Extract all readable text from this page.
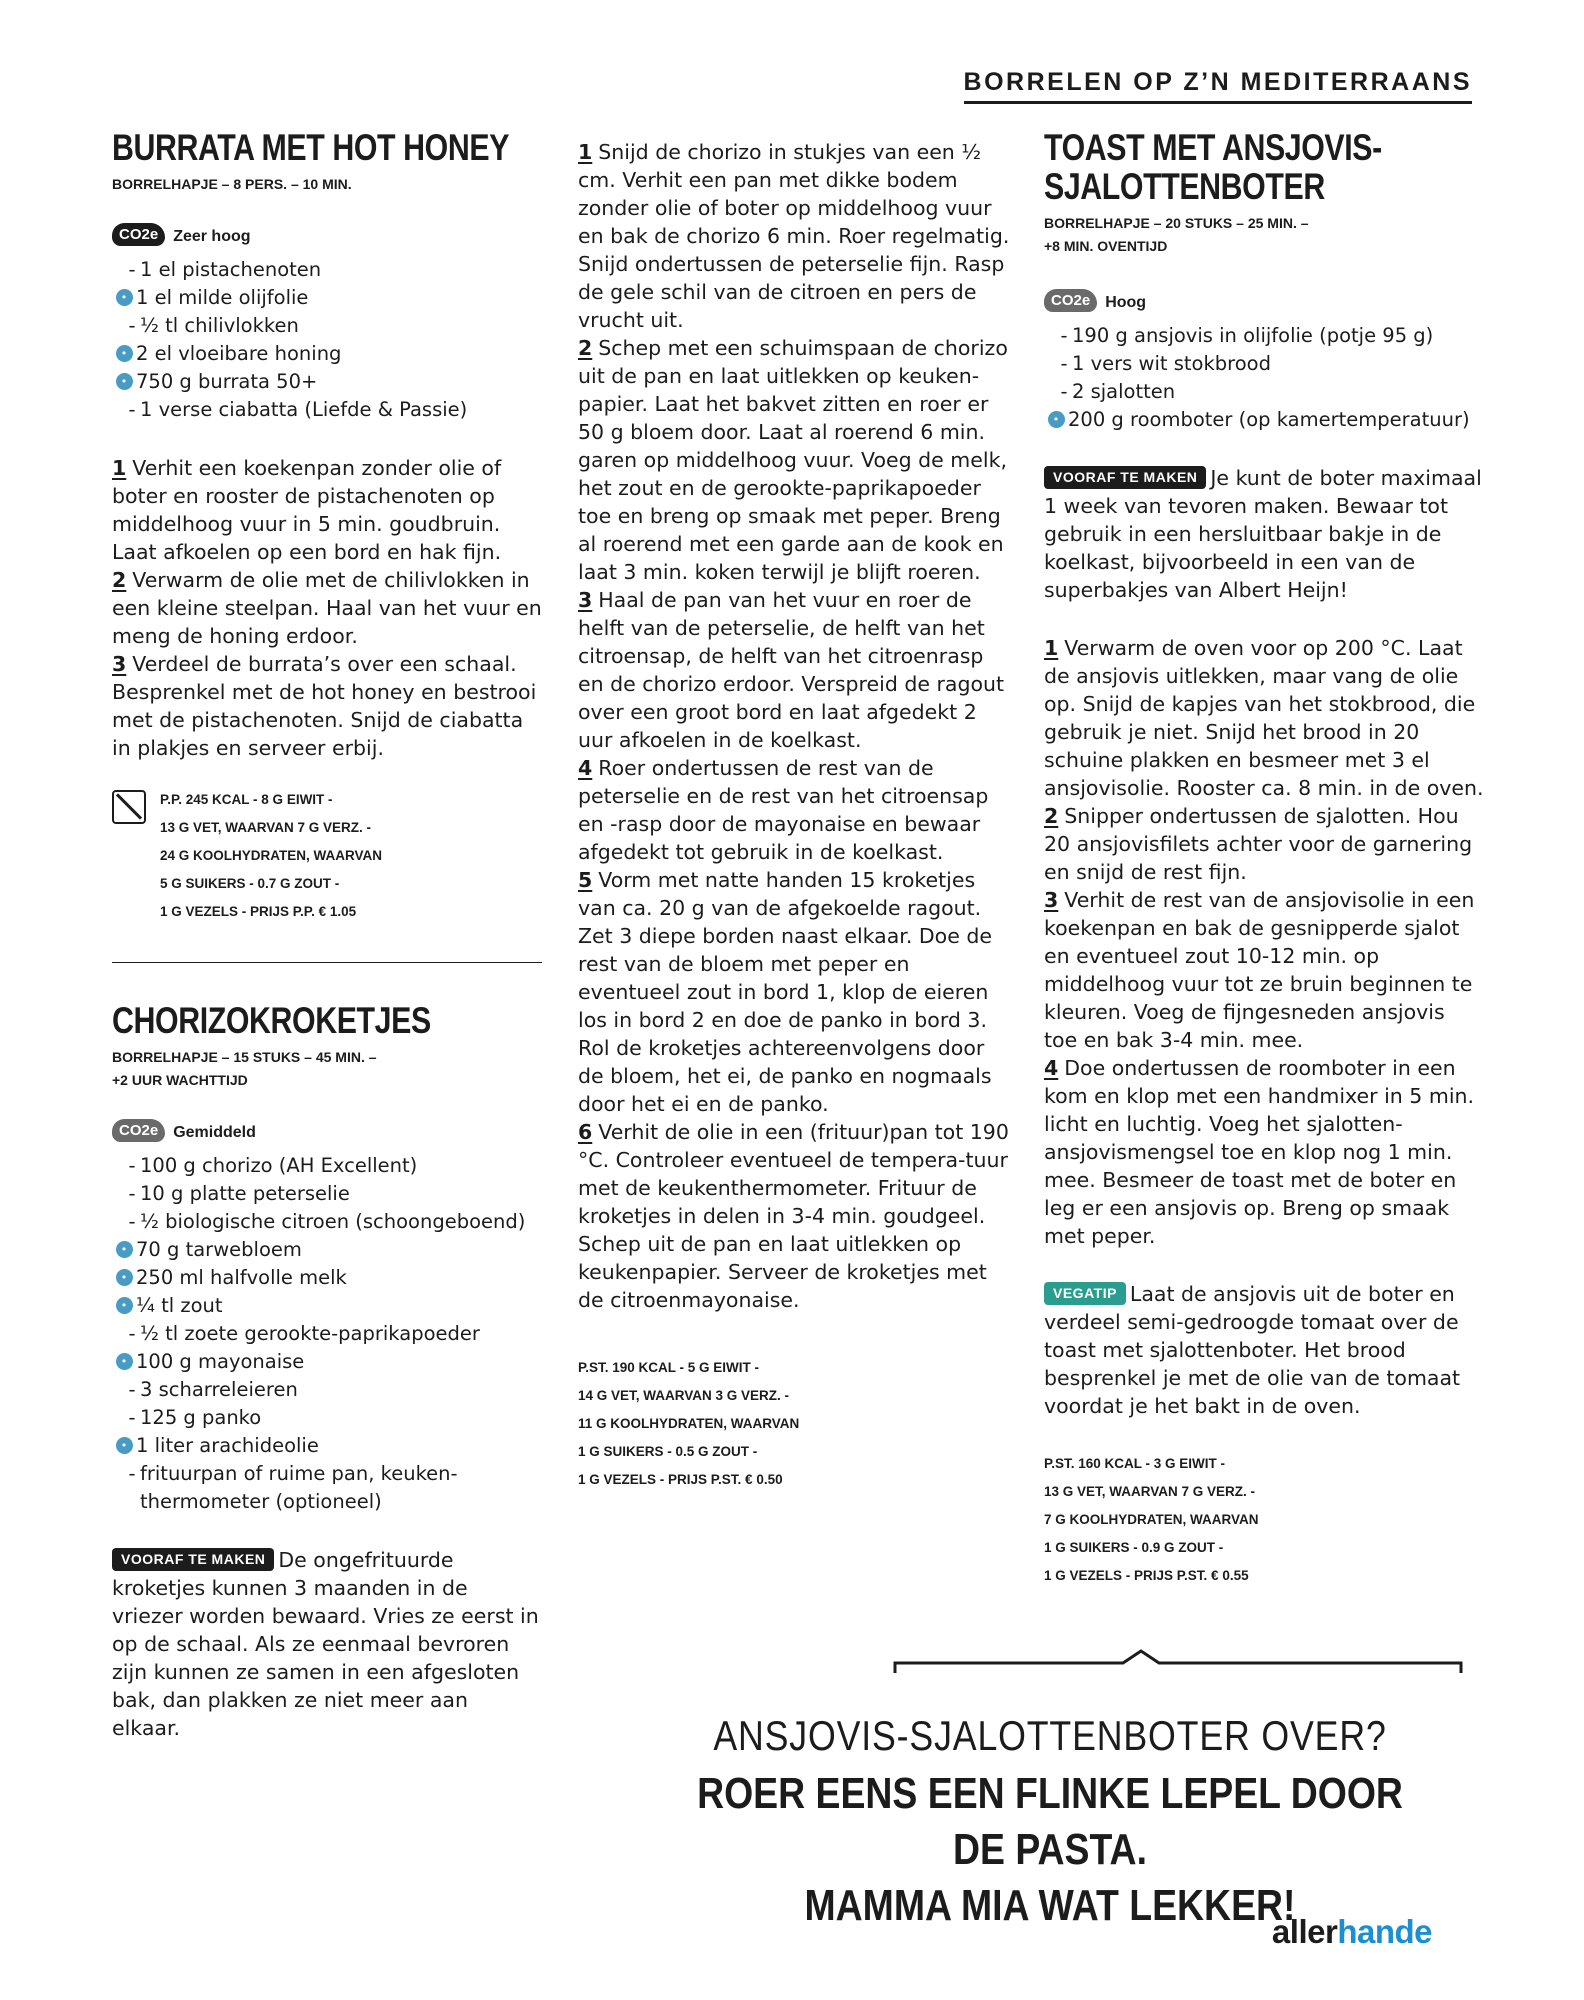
BORRELEN OP Z’N MEDITERRAANS
BURRATA MET HOT HONEY
BORRELHAPJE – 8 PERS. – 10 MIN.
CO2e Zeer hoog
- 1 el pistachenoten
• 1 el milde olijfolie
- ½ tl chilivlokken
• 2 el vloeibare honing
• 750 g burrata 50+
- 1 verse ciabatta (Liefde & Passie)
1 Verhit een koekenpan zonder olie of boter en rooster de pistachenoten op middelhoog vuur in 5 min. goudbruin. Laat afkoelen op een bord en hak fijn.
2 Verwarm de olie met de chilivlokken in een kleine steelpan. Haal van het vuur en meng de honing erdoor.
3 Verdeel de burrata’s over een schaal. Besprenkel met de hot honey en bestrooi met de pistachenoten. Snijd de ciabatta in plakjes en serveer erbij.
P.P. 245 KCAL - 8 G EIWIT -
13 G VET, WAARVAN 7 G VERZ. -
24 G KOOLHYDRATEN, WAARVAN
5 G SUIKERS - 0.7 G ZOUT -
1 G VEZELS - PRIJS P.P. € 1.05
CHORIZOKROKETJES
BORRELHAPJE – 15 STUKS – 45 MIN. –
+2 UUR WACHTTIJD
CO2e Gemiddeld
- 100 g chorizo (AH Excellent)
- 10 g platte peterselie
- ½ biologische citroen (schoongeboend)
• 70 g tarwebloem
• 250 ml halfvolle melk
• ¼ tl zout
- ½ tl zoete gerookte-paprikapoeder
• 100 g mayonaise
- 3 scharreleieren
- 125 g panko
• 1 liter arachideolie
- frituurpan of ruime pan, keuken-thermometer (optioneel)
VOORAF TE MAKEN De ongefrituurde kroketjes kunnen 3 maanden in de vriezer worden bewaard. Vries ze eerst in op de schaal. Als ze eenmaal bevroren zijn kunnen ze samen in een afgesloten bak, dan plakken ze niet meer aan elkaar.
1 Snijd de chorizo in stukjes van een ½ cm. Verhit een pan met dikke bodem zonder olie of boter op middelhoog vuur en bak de chorizo 6 min. Roer regelmatig. Snijd ondertussen de peterselie fijn. Rasp de gele schil van de citroen en pers de vrucht uit.
2 Schep met een schuimspaan de chorizo uit de pan en laat uitlekken op keuken-papier. Laat het bakvet zitten en roer er 50 g bloem door. Laat al roerend 6 min. garen op middelhoog vuur. Voeg de melk, het zout en de gerookte-paprikapoeder toe en breng op smaak met peper. Breng al roerend met een garde aan de kook en laat 3 min. koken terwijl je blijft roeren.
3 Haal de pan van het vuur en roer de helft van de peterselie, de helft van het citroensap, de helft van het citroenrasp en de chorizo erdoor. Verspreid de ragout over een groot bord en laat afgedekt 2 uur afkoelen in de koelkast.
4 Roer ondertussen de rest van de peterselie en de rest van het citroensap en -rasp door de mayonaise en bewaar afgedekt tot gebruik in de koelkast.
5 Vorm met natte handen 15 kroketjes van ca. 20 g van de afgekoelde ragout. Zet 3 diepe borden naast elkaar. Doe de rest van de bloem met peper en eventueel zout in bord 1, klop de eieren los in bord 2 en doe de panko in bord 3. Rol de kroketjes achtereenvolgens door de bloem, het ei, de panko en nogmaals door het ei en de panko.
6 Verhit de olie in een (frituur)pan tot 190 °C. Controleer eventueel de tempera-tuur met de keukenthermometer. Frituur de kroketjes in delen in 3-4 min. goudgeel. Schep uit de pan en laat uitlekken op keukenpapier. Serveer de kroketjes met de citroenmayonaise.
P.ST. 190 KCAL - 5 G EIWIT -
14 G VET, WAARVAN 3 G VERZ. -
11 G KOOLHYDRATEN, WAARVAN
1 G SUIKERS - 0.5 G ZOUT -
1 G VEZELS - PRIJS P.ST. € 0.50
TOAST MET ANSJOVIS-
SJALOTTENBOTER
BORRELHAPJE – 20 STUKS – 25 MIN. –
+8 MIN. OVENTIJD
CO2e Hoog
- 190 g ansjovis in olijfolie (potje 95 g)
- 1 vers wit stokbrood
- 2 sjalotten
• 200 g roomboter (op kamertemperatuur)
VOORAF TE MAKEN Je kunt de boter maximaal 1 week van tevoren maken. Bewaar tot gebruik in een hersluitbaar bakje in de koelkast, bijvoorbeeld in een van de superbakjes van Albert Heijn!
1 Verwarm de oven voor op 200 °C. Laat de ansjovis uitlekken, maar vang de olie op. Snijd de kapjes van het stokbrood, die gebruik je niet. Snijd het brood in 20 schuine plakken en besmeer met 3 el ansjovisolie. Rooster ca. 8 min. in de oven.
2 Snipper ondertussen de sjalotten. Hou 20 ansjovisfilets achter voor de garnering en snijd de rest fijn.
3 Verhit de rest van de ansjovisolie in een koekenpan en bak de gesnipperde sjalot en eventueel zout 10-12 min. op middelhoog vuur tot ze bruin beginnen te kleuren. Voeg de fijngesneden ansjovis toe en bak 3-4 min. mee.
4 Doe ondertussen de roomboter in een kom en klop met een handmixer in 5 min. licht en luchtig. Voeg het sjalotten-ansjovismengsel toe en klop nog 1 min. mee. Besmeer de toast met de boter en leg er een ansjovis op. Breng op smaak met peper.
VEGATIP Laat de ansjovis uit de boter en verdeel semi-gedroogde tomaat over de toast met sjalottenboter. Het brood besprenkel je met de olie van de tomaat voordat je het bakt in de oven.
P.ST. 160 KCAL - 3 G EIWIT -
13 G VET, WAARVAN 7 G VERZ. -
7 G KOOLHYDRATEN, WAARVAN
1 G SUIKERS - 0.9 G ZOUT -
1 G VEZELS - PRIJS P.ST. € 0.55
ANSJOVIS-SJALOTTENBOTER OVER?
ROER EENS EEN FLINKE LEPEL DOOR DE PASTA.
MAMMA MIA WAT LEKKER!
allerhande
